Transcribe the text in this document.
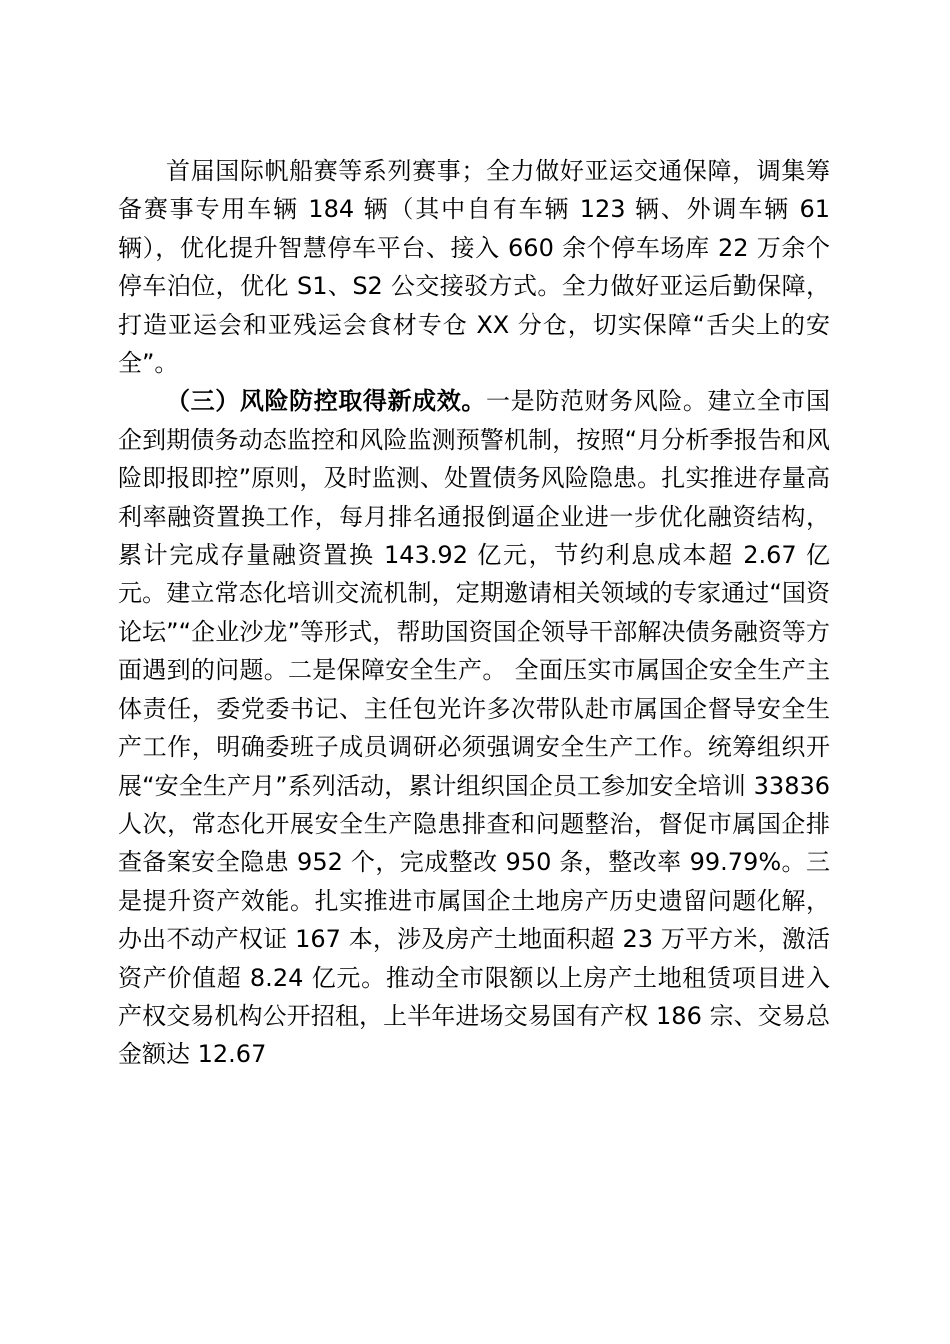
首届国际帆船赛等系列赛事；全力做好亚运交通保障，调集筹备赛事专用车辆 184 辆（其中自有车辆 123 辆、外调车辆 61 辆），优化提升智慧停车平台、接入 660 余个停车场库 22 万余个停车泊位，优化 S1、S2 公交接驳方式。全力做好亚运后勤保障，打造亚运会和亚残运会食材专仓 XX 分仓，切实保障“舌尖上的安全”。

（三）风险防控取得新成效。一是防范财务风险。建立全市国企到期债务动态监控和风险监测预警机制，按照“月分析季报告和风险即报即控”原则，及时监测、处置债务风险隐患。扎实推进存量高利率融资置换工作，每月排名通报倒逼企业进一步优化融资结构，累计完成存量融资置换 143.92 亿元，节约利息成本超 2.67 亿元。建立常态化培训交流机制，定期邀请相关领域的专家通过“国资论坛”“企业沙龙”等形式，帮助国资国企领导干部解决债务融资等方面遇到的问题。二是保障安全生产。 全面压实市属国企安全生产主体责任，委党委书记、主任包光许多次带队赴市属国企督导安全生产工作，明确委班子成员调研必须强调安全生产工作。统筹组织开展“安全生产月”系列活动，累计组织国企员工参加安全培训 33836 人次，常态化开展安全生产隐患排查和问题整治，督促市属国企排查备案安全隐患 952 个，完成整改 950 条，整改率 99.79%。三是提升资产效能。扎实推进市属国企土地房产历史遗留问题化解，办出不动产权证 167 本，涉及房产土地面积超 23 万平方米，激活资产价值超 8.24 亿元。推动全市限额以上房产土地租赁项目进入产权交易机构公开招租，上半年进场交易国有产权 186 宗、交易总金额达 12.67
